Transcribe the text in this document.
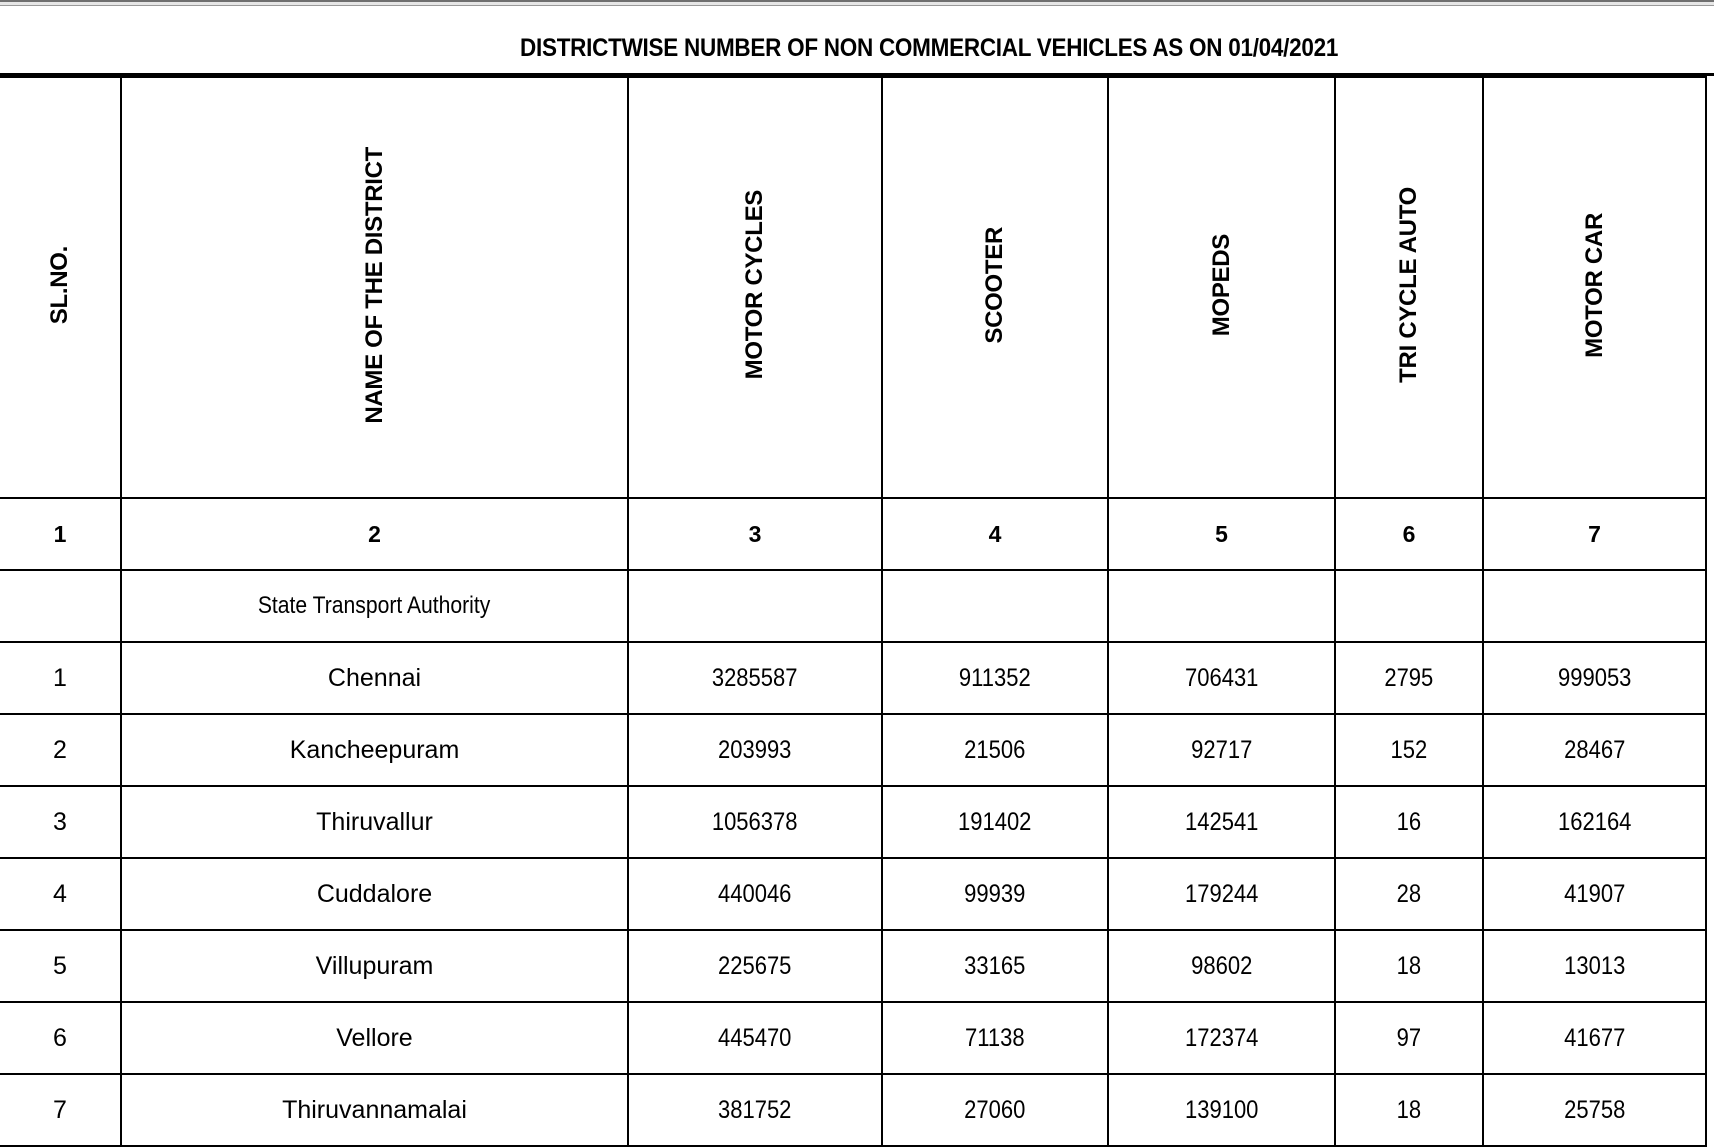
DISTRICTWISE NUMBER OF NON COMMERCIAL VEHICLES AS ON 01/04/2021
SL.NO.	NAME OF THE DISTRICT	MOTOR CYCLES	SCOOTER	MOPEDS	TRI CYCLE AUTO	MOTOR CAR
1	2	3	4	5	6	7
	State Transport Authority					
1	Chennai	3285587	911352	706431	2795	999053
2	Kancheepuram	203993	21506	92717	152	28467
3	Thiruvallur	1056378	191402	142541	16	162164
4	Cuddalore	440046	99939	179244	28	41907
5	Villupuram	225675	33165	98602	18	13013
6	Vellore	445470	71138	172374	97	41677
7	Thiruvannamalai	381752	27060	139100	18	25758
